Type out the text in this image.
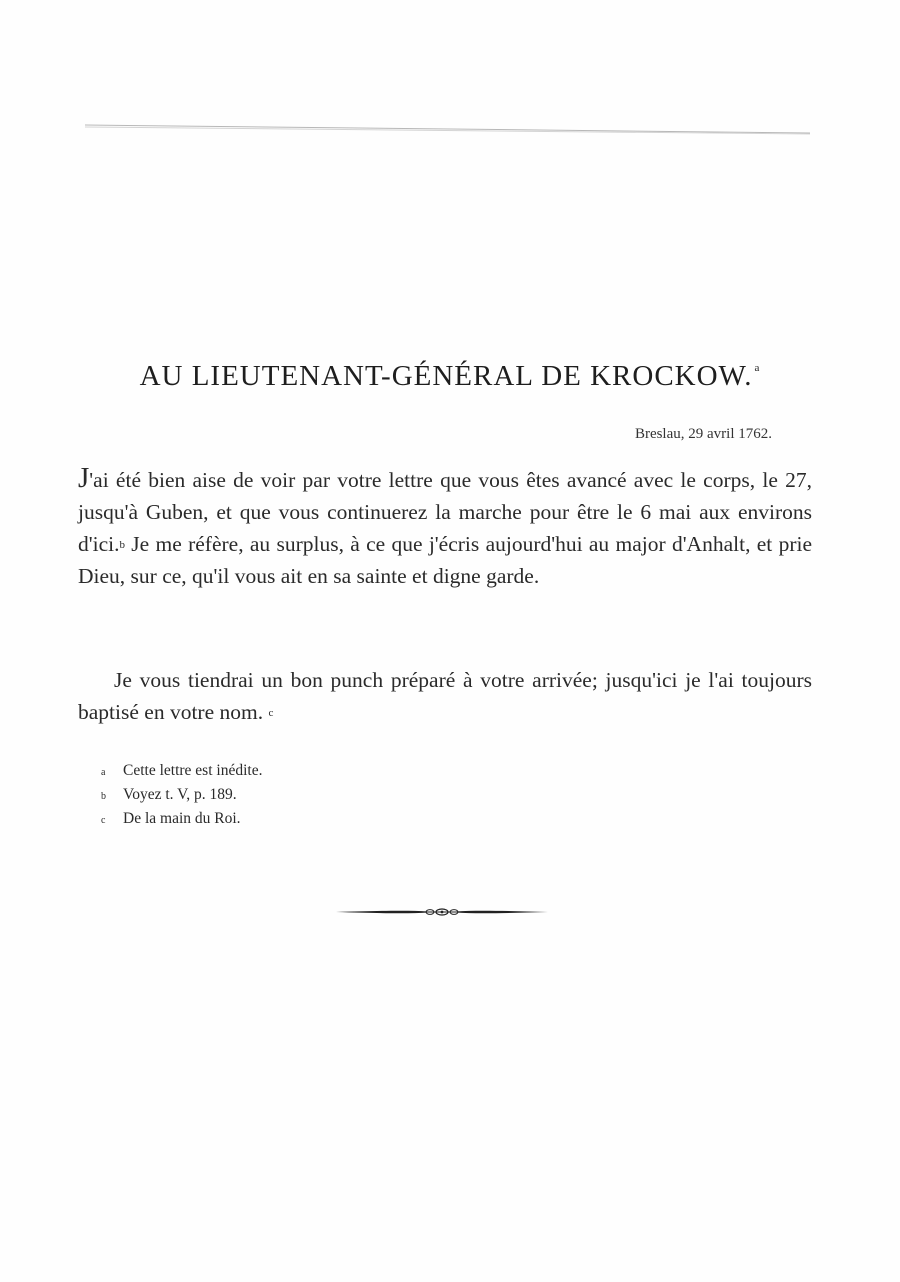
AU LIEUTENANT-GÉNÉRAL DE KROCKOW. $^a$
Breslau, 29 avril 1762.

J'ai été bien aise de voir par votre lettre que vous êtes avancé avec le corps, le 27, jusqu'à Guben, et que vous continuerez la marche pour être le 6 mai aux environs d'ici.$^b$ Je me réfère, au surplus, à ce que j'écris aujourd'hui au major d'Anhalt, et prie Dieu, sur ce, qu'il vous ait en sa sainte et digne garde.

Je vous tiendrai un bon punch préparé à votre arrivée; jusqu'ici je l'ai toujours baptisé en votre nom. $^c$

a	Cette lettre est inédite.
b	Voyez t. V, p. 189.
c	De la main du Roi.
